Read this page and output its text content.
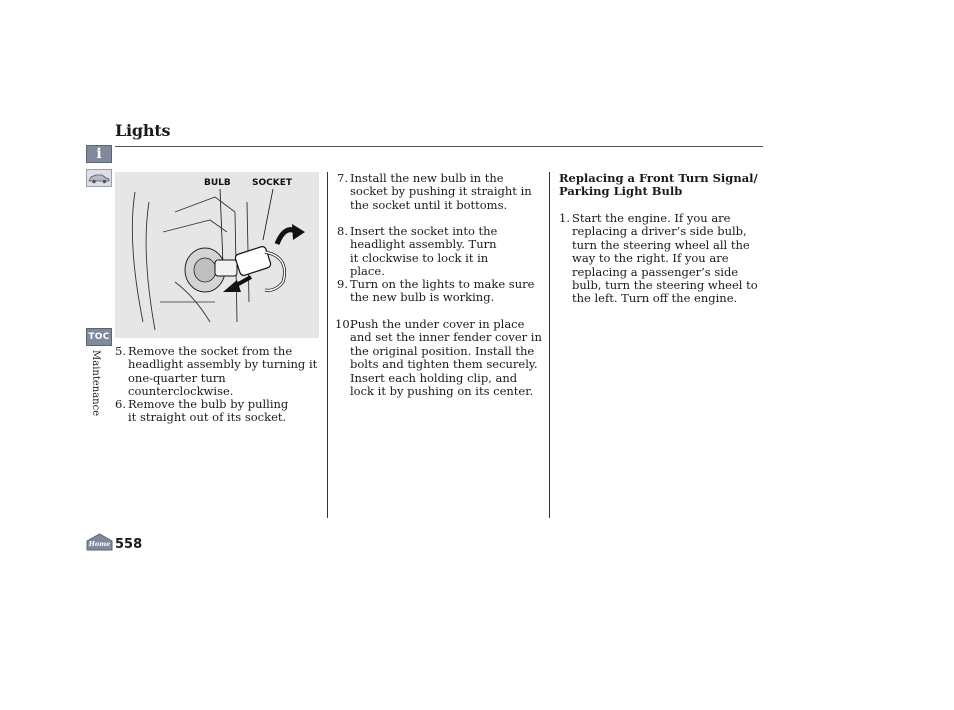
Lights
i
TOC
Maintenance
Home 558
BULB SOCKET
5. Remove the socket from the headlight assembly by turning it one-quarter turn counterclockwise.
6. Remove the bulb by pulling it straight out of its socket.
7. Install the new bulb in the socket by pushing it straight in the socket until it bottoms.
8. Insert the socket into the headlight assembly. Turn it clockwise to lock it in place.
9. Turn on the lights to make sure the new bulb is working.
10.
Push the under cover in place and set the inner fender cover in the original position. Install the bolts and tighten them securely. Insert each holding clip, and lock it by pushing on its center.
Replacing a Front Turn Signal/ Parking Light Bulb
1. Start the engine. If you are replacing a driver’s side bulb, turn the steering wheel all the way to the right. If you are replacing a passenger’s side bulb, turn the steering wheel to the left. Turn off the engine.
